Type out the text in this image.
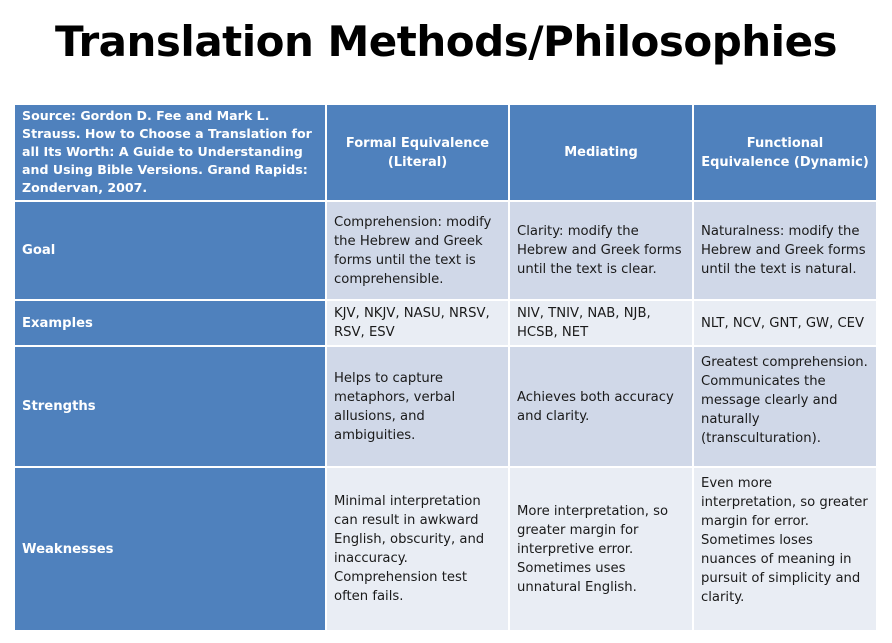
Translation Methods/Philosophies
Source: Gordon D. Fee and Mark L. Strauss. How to Choose a Translation for all Its Worth: A Guide to Understanding and Using Bible Versions. Grand Rapids: Zondervan, 2007.	Formal Equivalence (Literal)	Mediating	Functional Equivalence (Dynamic)
Goal	Comprehension: modify the Hebrew and Greek forms until the text is comprehensible.	Clarity: modify the Hebrew and Greek forms until the text is clear.	Naturalness: modify the Hebrew and Greek forms until the text is natural.
Examples	KJV, NKJV, NASU, NRSV, RSV, ESV	NIV, TNIV, NAB, NJB, HCSB, NET	NLT, NCV, GNT, GW, CEV
Strengths	Helps to capture metaphors, verbal allusions, and ambiguities.	Achieves both accuracy and clarity.	Greatest comprehension. Communicates the message clearly and naturally (transculturation).
Weaknesses	Minimal interpretation can result in awkward English, obscurity, and inaccuracy. Comprehension test often fails.	More interpretation, so greater margin for interpretive error. Sometimes uses unnatural English.	Even more interpretation, so greater margin for error. Sometimes loses nuances of meaning in pursuit of simplicity and clarity.
